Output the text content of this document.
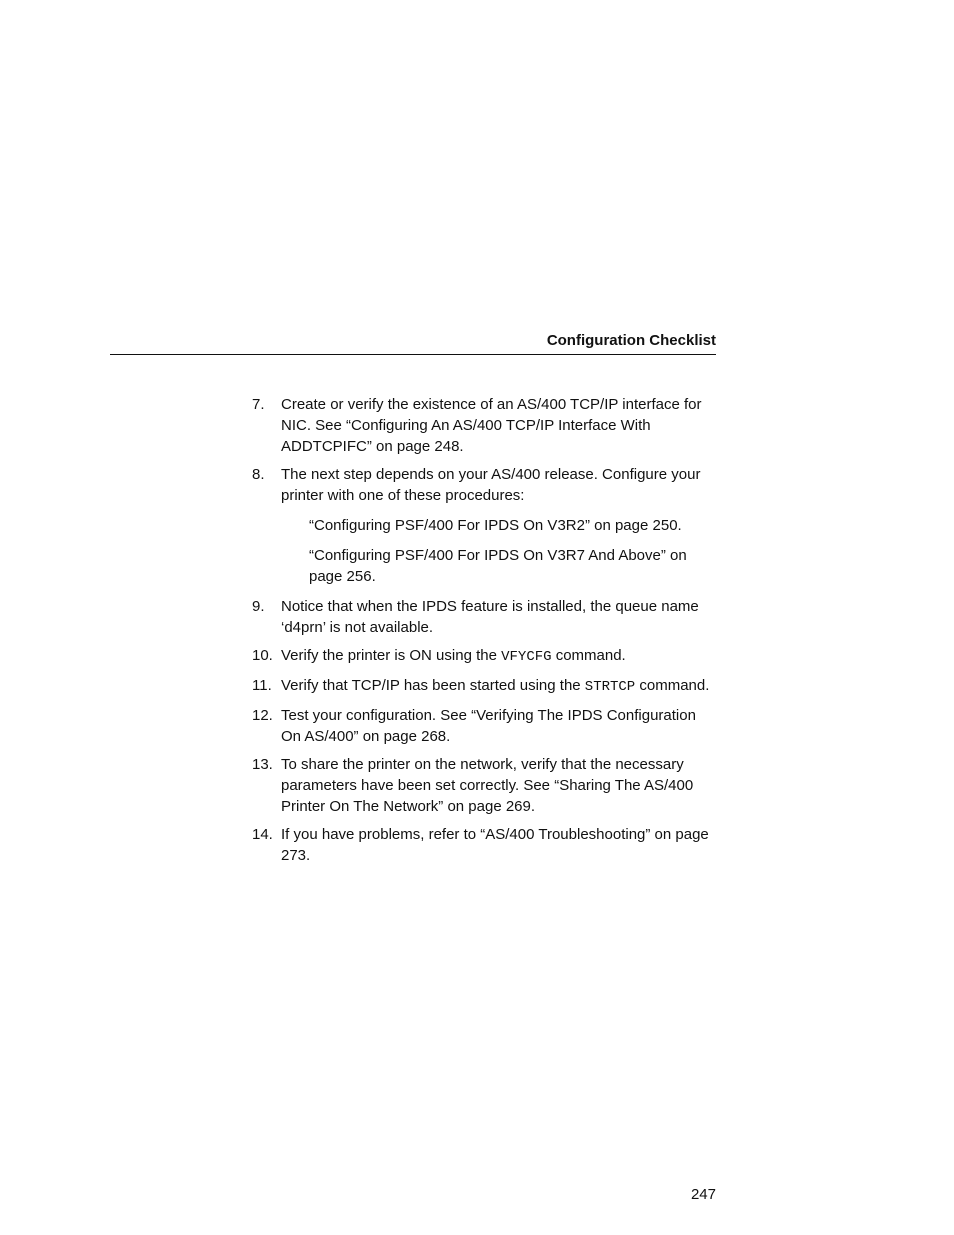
Configuration Checklist
7. Create or verify the existence of an AS/400 TCP/IP interface for NIC. See “Configuring An AS/400 TCP/IP Interface With ADDTCPIFC” on page 248.
8. The next step depends on your AS/400 release. Configure your printer with one of these procedures:

“Configuring PSF/400 For IPDS On V3R2” on page 250.

“Configuring PSF/400 For IPDS On V3R7 And Above” on page 256.

9. Notice that when the IPDS feature is installed, the queue name ‘d4prn’ is not available.
10. Verify the printer is ON using the VFYCFG command.
11. Verify that TCP/IP has been started using the STRTCP command.
12. Test your configuration. See “Verifying The IPDS Configuration On AS/400” on page 268.
13. To share the printer on the network, verify that the necessary parameters have been set correctly. See “Sharing The AS/400 Printer On The Network” on page 269.
14. If you have problems, refer to “AS/400 Troubleshooting” on page 273.
247
